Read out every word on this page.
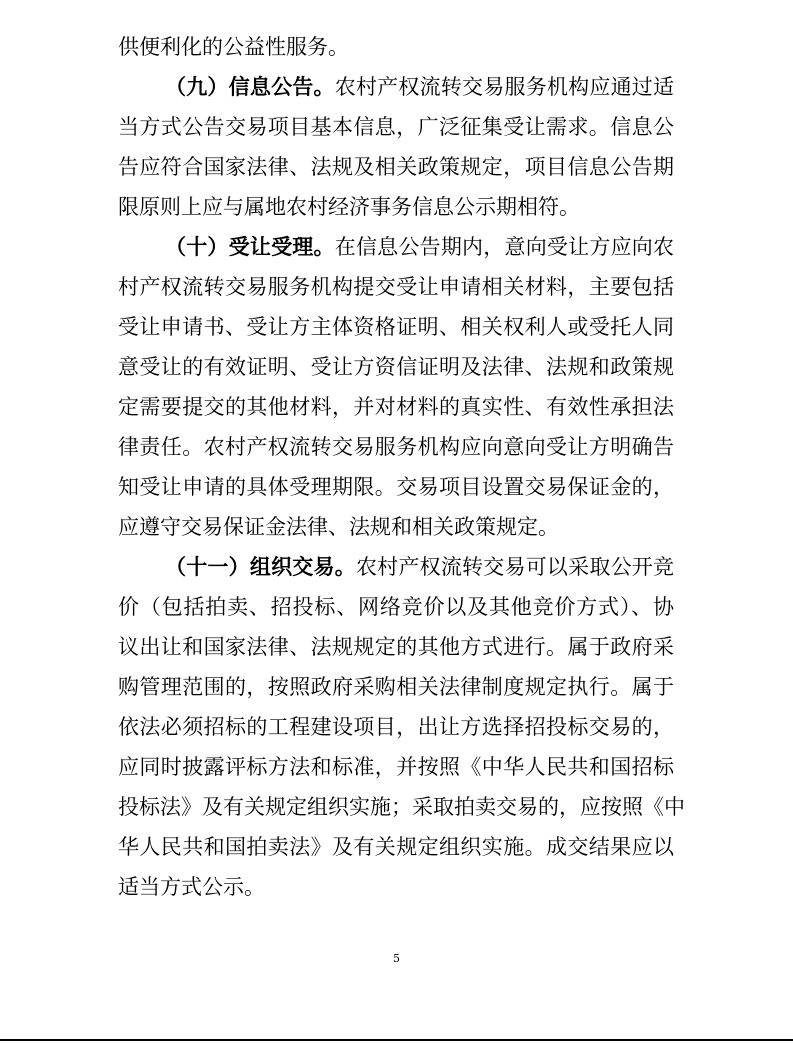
供便利化的公益性服务。
（九）信息公告。农村产权流转交易服务机构应通过适
当方式公告交易项目基本信息，广泛征集受让需求。信息公
告应符合国家法律、法规及相关政策规定，项目信息公告期
限原则上应与属地农村经济事务信息公示期相符。
（十）受让受理。在信息公告期内，意向受让方应向农
村产权流转交易服务机构提交受让申请相关材料，主要包括
受让申请书、受让方主体资格证明、相关权利人或受托人同
意受让的有效证明、受让方资信证明及法律、法规和政策规
定需要提交的其他材料，并对材料的真实性、有效性承担法
律责任。农村产权流转交易服务机构应向意向受让方明确告
知受让申请的具体受理期限。交易项目设置交易保证金的，
应遵守交易保证金法律、法规和相关政策规定。
（十一）组织交易。农村产权流转交易可以采取公开竞
价（包括拍卖、招投标、网络竞价以及其他竞价方式）、协
议出让和国家法律、法规规定的其他方式进行。属于政府采
购管理范围的，按照政府采购相关法律制度规定执行。属于
依法必须招标的工程建设项目，出让方选择招投标交易的，
应同时披露评标方法和标准，并按照《中华人民共和国招标
投标法》及有关规定组织实施；采取拍卖交易的，应按照《中
华人民共和国拍卖法》及有关规定组织实施。成交结果应以
适当方式公示。
5
